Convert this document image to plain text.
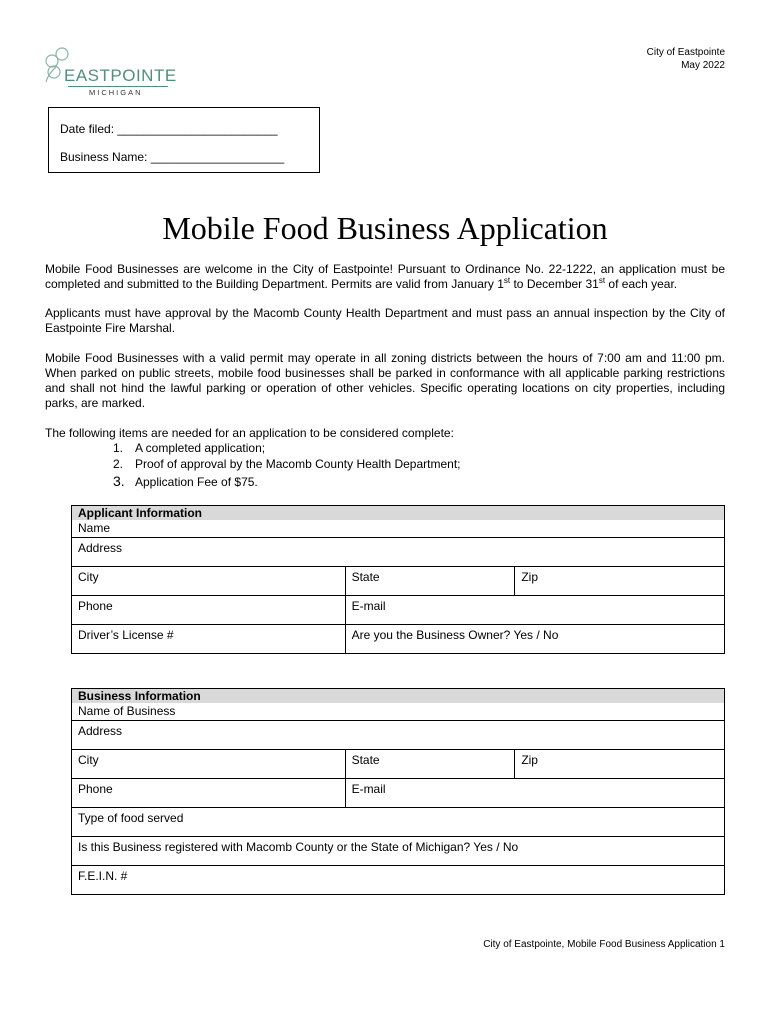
EASTPOINTE
MICHIGAN
City of Eastpointe
May 2022
Date filed: ________________________
Business Name: ____________________
Mobile Food Business Application
Mobile Food Businesses are welcome in the City of Eastpointe! Pursuant to Ordinance No. 22-1222, an application must be completed and submitted to the Building Department. Permits are valid from January 1st to December 31st of each year.
Applicants must have approval by the Macomb County Health Department and must pass an annual inspection by the City of Eastpointe Fire Marshal.
Mobile Food Businesses with a valid permit may operate in all zoning districts between the hours of 7:00 am and 11:00 pm. When parked on public streets, mobile food businesses shall be parked in conformance with all applicable parking restrictions and shall not hind the lawful parking or operation of other vehicles. Specific operating locations on city properties, including parks, are marked.
The following items are needed for an application to be considered complete:
1. A completed application;
2. Proof of approval by the Macomb County Health Department;
3. Application Fee of $75.
Applicant Information		
Name		
Address		
City	State	Zip
Phone	E-mail	
Driver’s License #	Are you the Business Owner? Yes / No	
Business Information		
Name of Business		
Address		
City	State	Zip
Phone	E-mail	
Type of food served		
Is this Business registered with Macomb County or the State of Michigan? Yes / No		
F.E.I.N. #		
City of Eastpointe, Mobile Food Business Application 1
